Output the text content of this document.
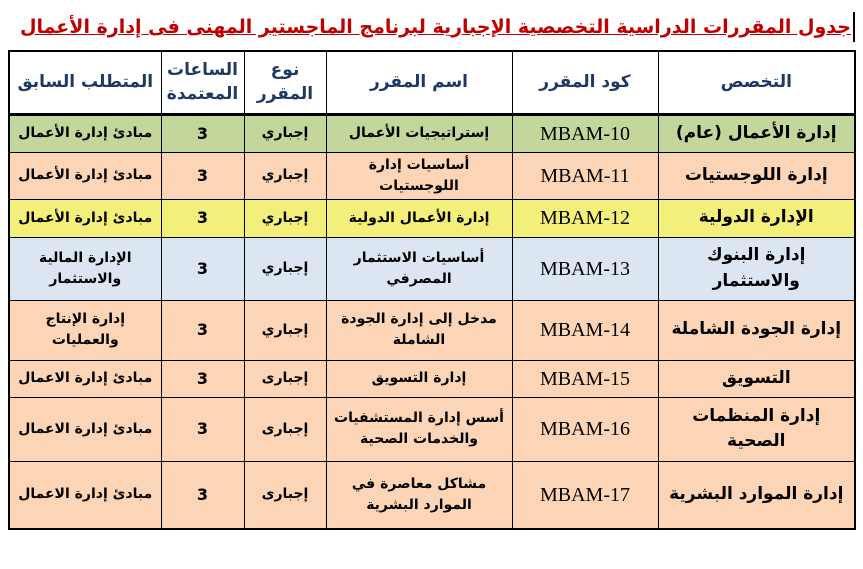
جدول المقررات الدراسية التخصصية الإجبارية لبرنامج الماجستير المهنى فى إدارة الأعمال
التخصص	كود المقرر	اسم المقرر	نوع المقرر	الساعات المعتمدة	المتطلب السابق
إدارة الأعمال (عام)	MBAM-10	إستراتيجيات الأعمال	إجباري	3	مبادئ إدارة الأعمال
إدارة اللوجستيات	MBAM-11	أساسيات إدارة اللوجستيات	إجباري	3	مبادئ إدارة الأعمال
الإدارة الدولية	MBAM-12	إدارة الأعمال الدولية	إجباري	3	مبادئ إدارة الأعمال
إدارة البنوك والاستثمار	MBAM-13	أساسيات الاستثمار المصرفي	إجباري	3	الإدارة المالية والاستثمار
إدارة الجودة الشاملة	MBAM-14	مدخل إلى إدارة الجودة الشاملة	إجباري	3	إدارة الإنتاج والعمليات
التسويق	MBAM-15	إدارة التسويق	إجبارى	3	مبادئ إدارة الاعمال
إدارة المنظمات الصحية	MBAM-16	أسس إدارة المستشفيات والخدمات الصحية	إجبارى	3	مبادئ إدارة الاعمال
إدارة الموارد البشرية	MBAM-17	مشاكل معاصرة في الموارد البشرية	إجبارى	3	مبادئ إدارة الاعمال
